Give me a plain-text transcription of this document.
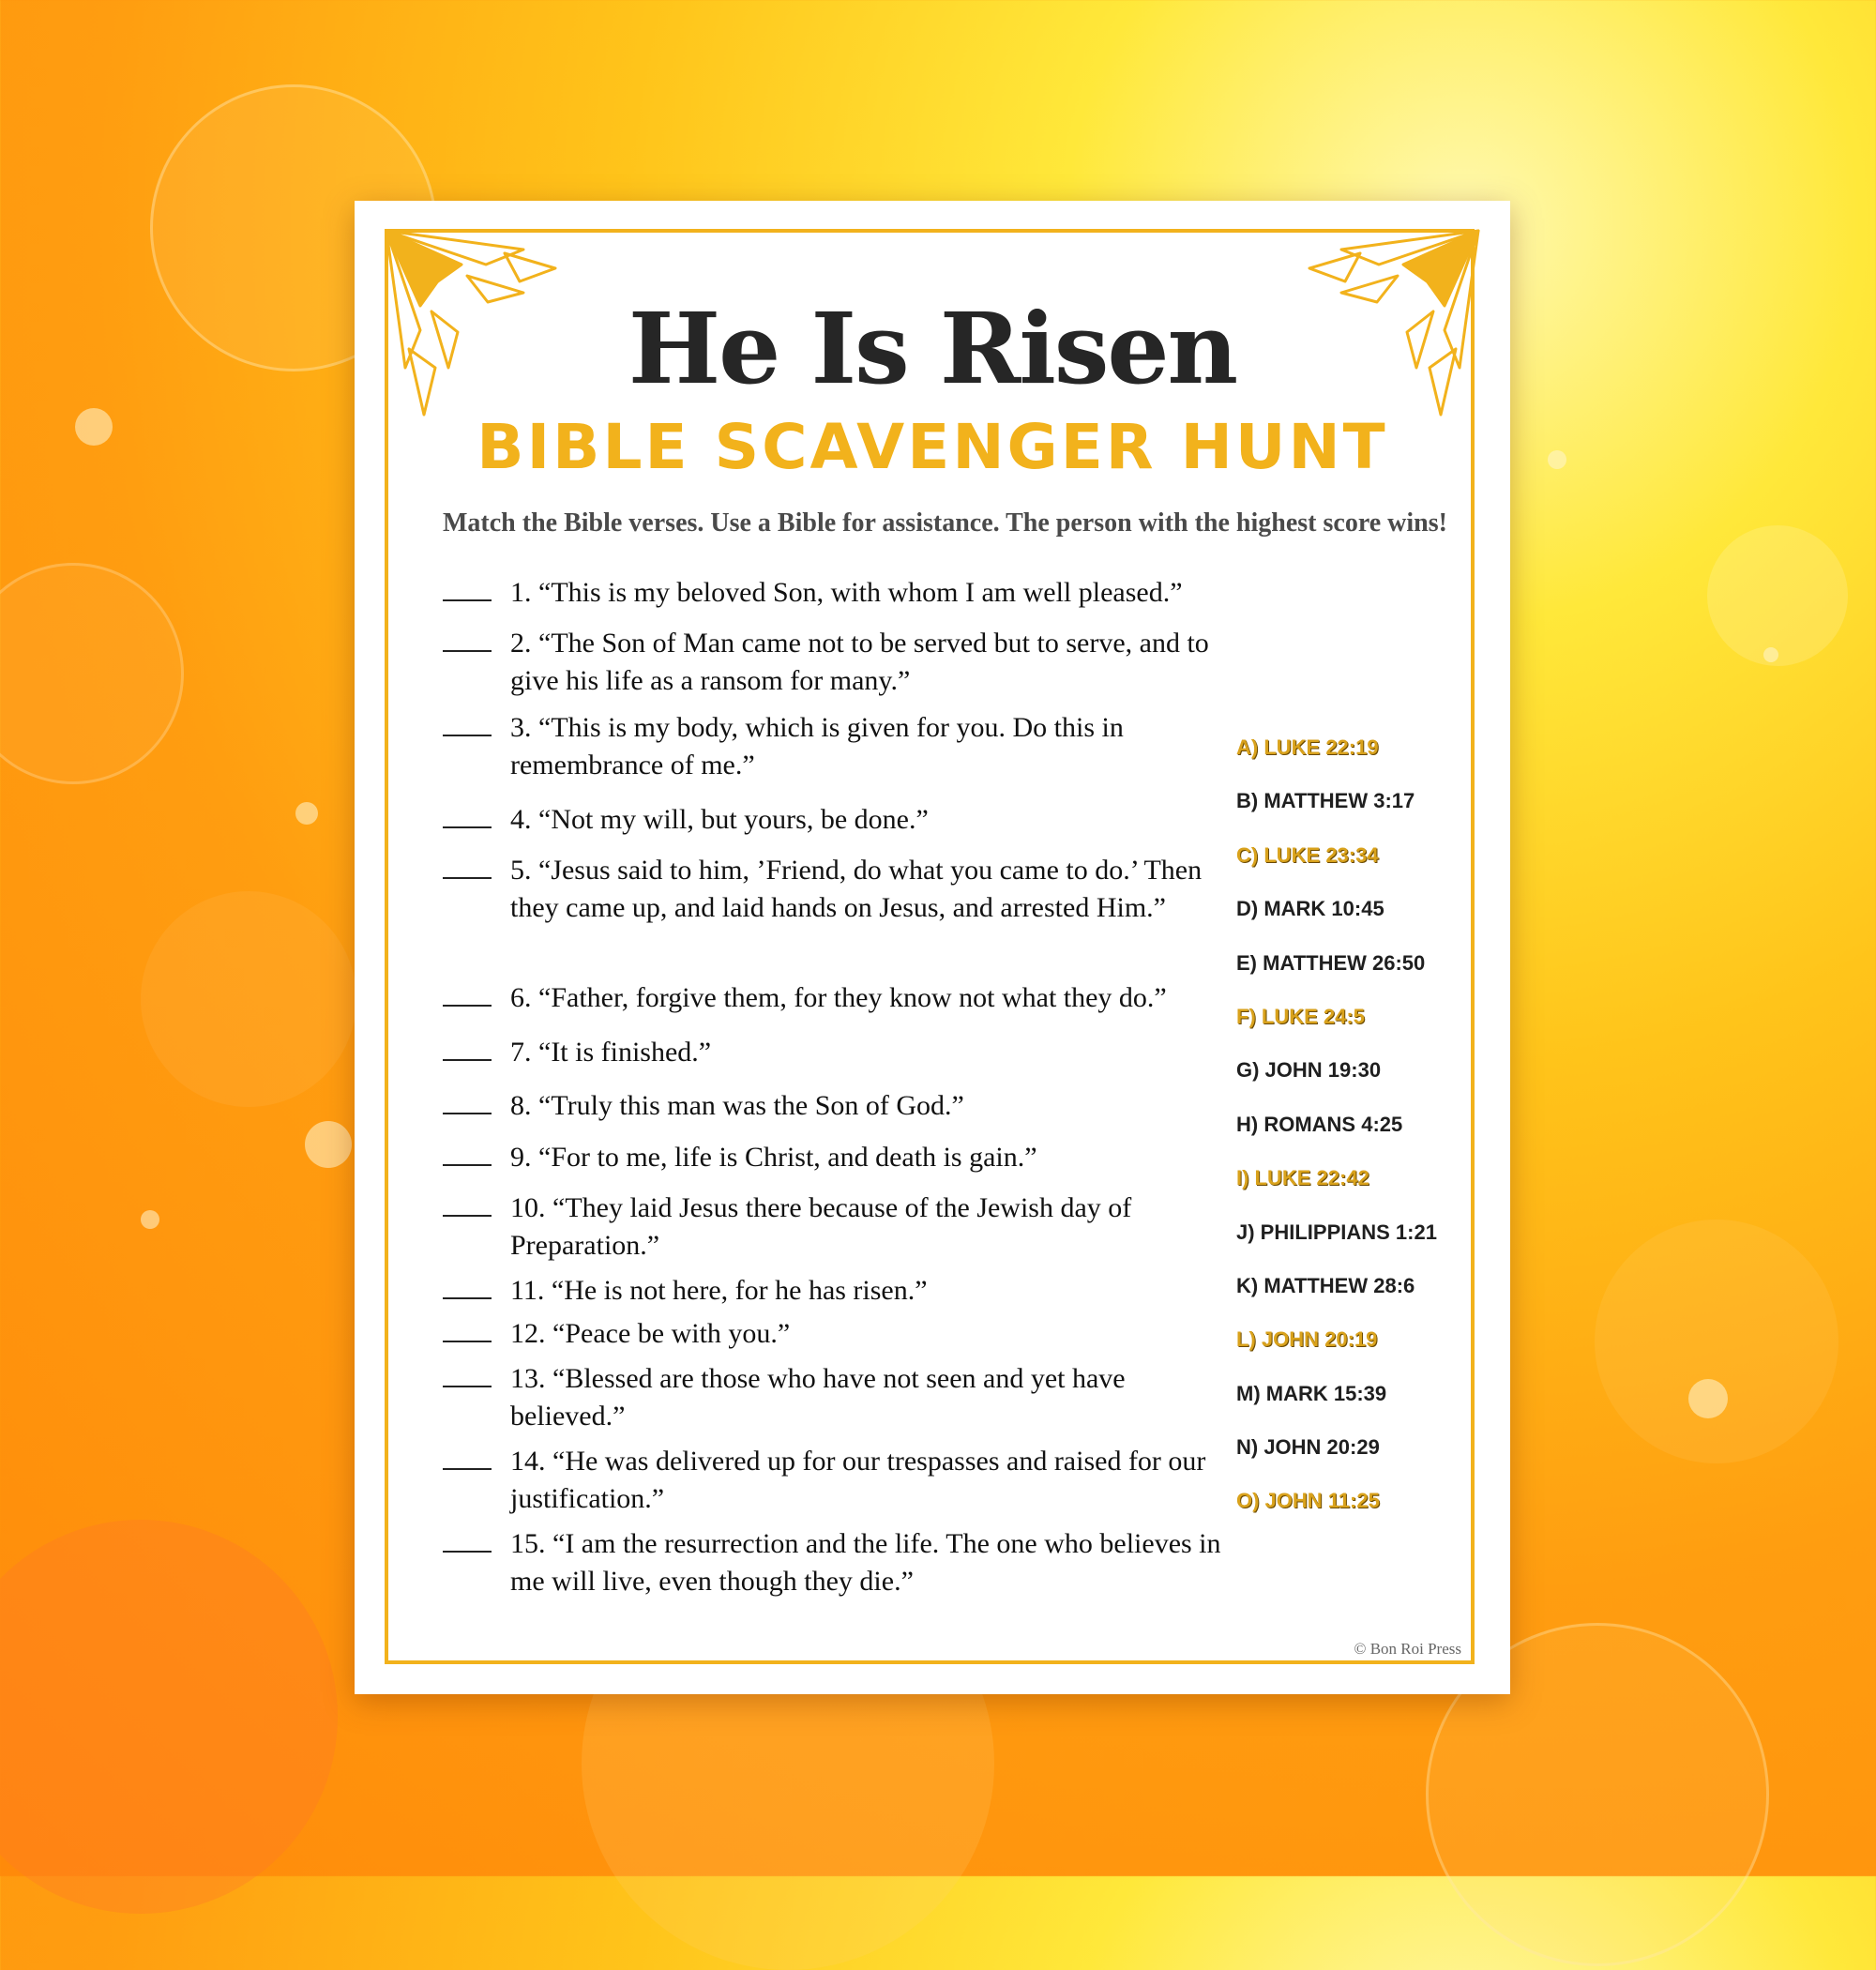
He Is Risen
BIBLE SCAVENGER HUNT
Match the Bible verses. Use a Bible for assistance. The person with the highest score wins!
1. “This is my beloved Son, with whom I am well pleased.”
2. “The Son of Man came not to be served but to serve, and to give his life as a ransom for many.”
3. “This is my body, which is given for you. Do this in remembrance of me.”
4. “Not my will, but yours, be done.”
5. “Jesus said to him, ’Friend, do what you came to do.’ Then they came up, and laid hands on Jesus, and arrested Him.”
6. “Father, forgive them, for they know not what they do.”
7. “It is finished.”
8. “Truly this man was the Son of God.”
9. “For to me, life is Christ, and death is gain.”
10. “They laid Jesus there because of the Jewish day of Preparation.”
11. “He is not here, for he has risen.”
12. “Peace be with you.”
13. “Blessed are those who have not seen and yet have believed.”
14. “He was delivered up for our trespasses and raised for our justification.”
15. “I am the resurrection and the life. The one who believes in me will live, even though they die.”
A) LUKE 22:19
B) MATTHEW 3:17
C) LUKE 23:34
D) MARK 10:45
E) MATTHEW 26:50
F) LUKE 24:5
G) JOHN 19:30
H) ROMANS 4:25
I) LUKE 22:42
J) PHILIPPIANS 1:21
K) MATTHEW 28:6
L) JOHN 20:19
M) MARK 15:39
N) JOHN 20:29
O) JOHN 11:25
© Bon Roi Press
